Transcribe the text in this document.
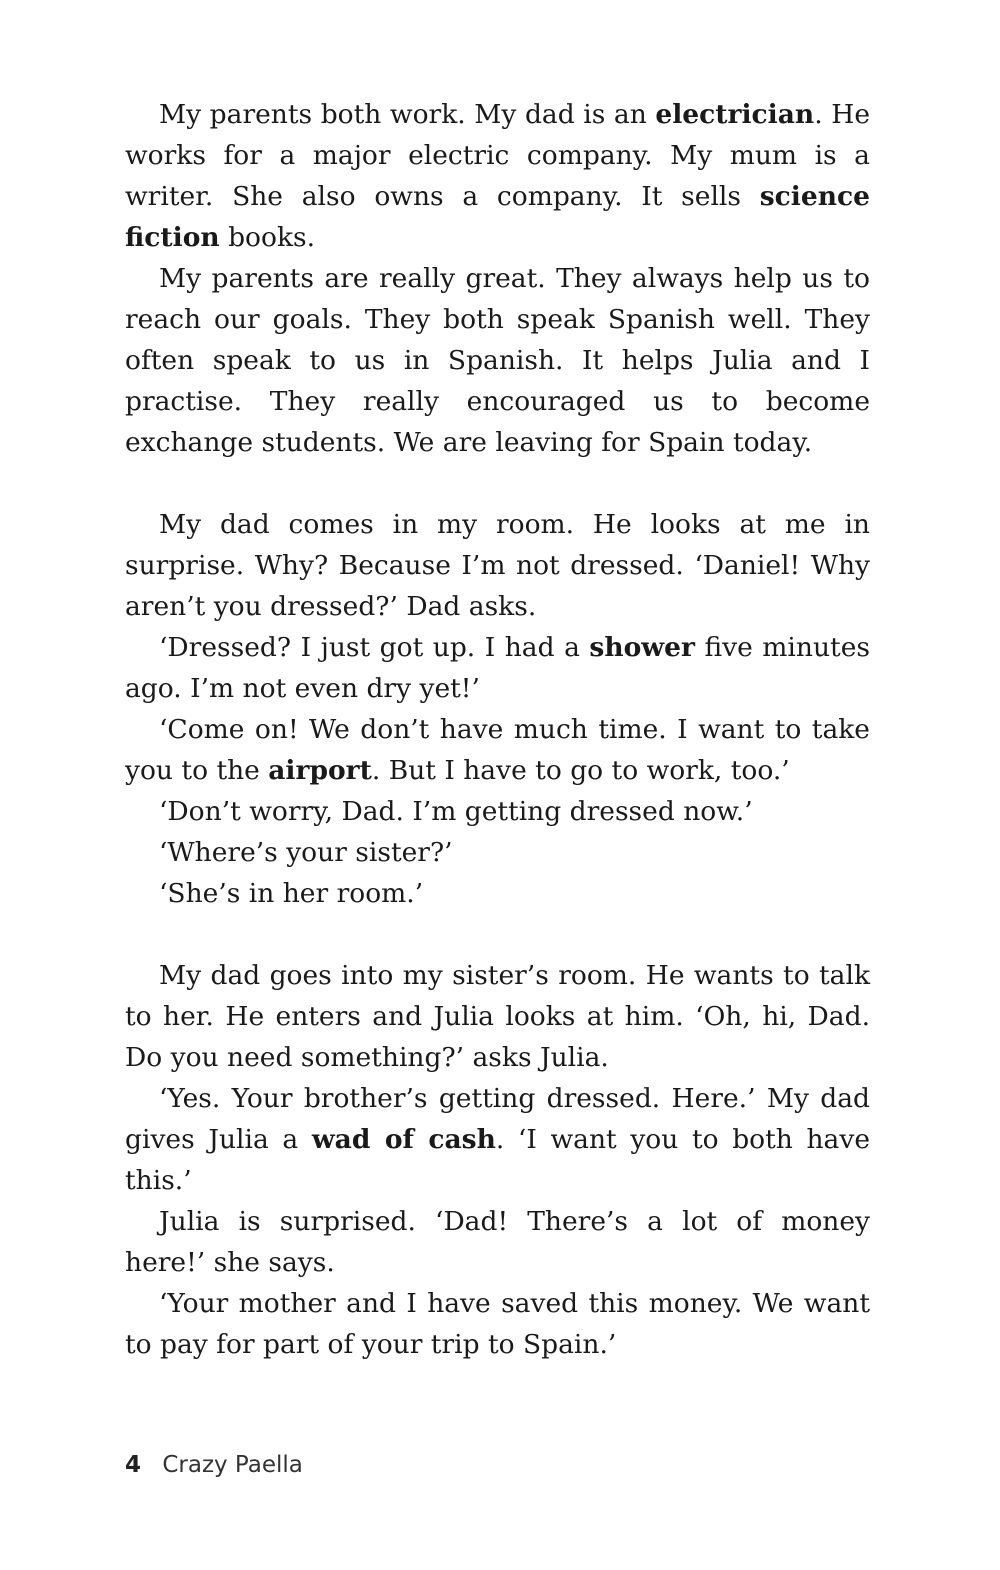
My parents both work. My dad is an electrician. He works for a major electric company. My mum is a writer. She also owns a company. It sells science fiction books.

My parents are really great. They always help us to reach our goals. They both speak Spanish well. They often speak to us in Spanish. It helps Julia and I practise. They really encouraged us to become exchange students. We are leaving for Spain today.

My dad comes in my room. He looks at me in surprise. Why? Because I’m not dressed. ‘Daniel! Why aren’t you dressed?’ Dad asks.

‘Dressed? I just got up. I had a shower five minutes ago. I’m not even dry yet!’

‘Come on! We don’t have much time. I want to take you to the airport. But I have to go to work, too.’

‘Don’t worry, Dad. I’m getting dressed now.’

‘Where’s your sister?’

‘She’s in her room.’

My dad goes into my sister’s room. He wants to talk to her. He enters and Julia looks at him. ‘Oh, hi, Dad. Do you need something?’ asks Julia.

‘Yes. Your brother’s getting dressed. Here.’ My dad gives Julia a wad of cash. ‘I want you to both have this.’

Julia is surprised. ‘Dad! There’s a lot of money here!’ she says.

‘Your mother and I have saved this money. We want to pay for part of your trip to Spain.’

4 Crazy Paella
